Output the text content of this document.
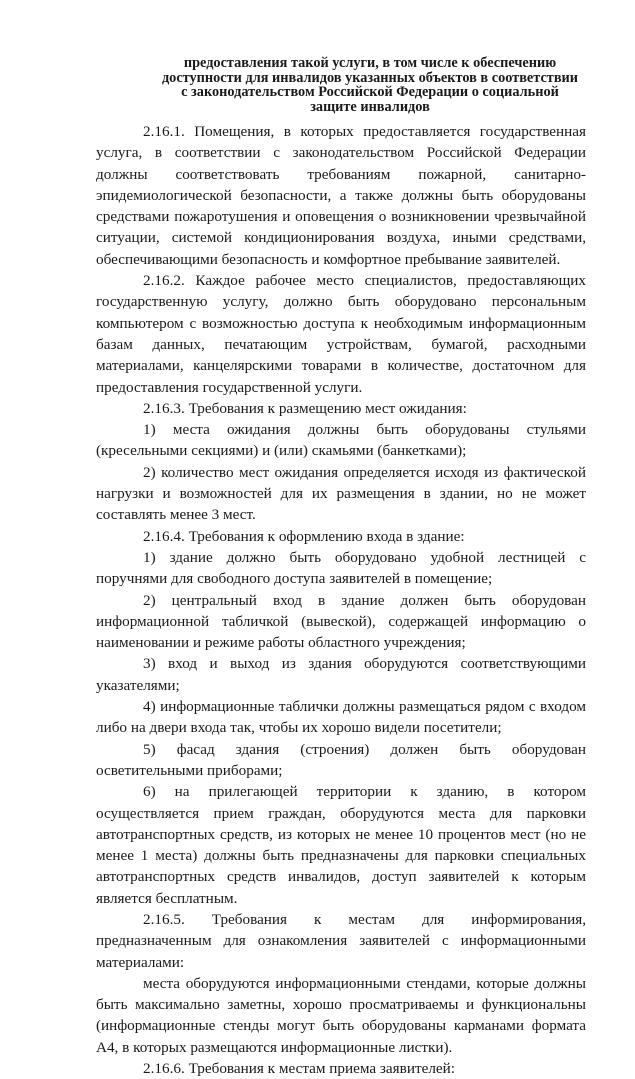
предоставления такой услуги, в том числе к обеспечению
доступности для инвалидов указанных объектов в соответствии
с законодательством Российской Федерации о социальной
защите инвалидов

2.16.1. Помещения, в которых предоставляется государственная услуга, в соответствии с законодательством Российской Федерации должны соответствовать требованиям пожарной, санитарно-эпидемиологической безопасности, а также должны быть оборудованы средствами пожаротушения и оповещения о возникновении чрезвычайной ситуации, системой кондиционирования воздуха, иными средствами, обеспечивающими безопасность и комфортное пребывание заявителей.

2.16.2. Каждое рабочее место специалистов, предоставляющих государственную услугу, должно быть оборудовано персональным компьютером с возможностью доступа к необходимым информационным базам данных, печатающим устройствам, бумагой, расходными материалами, канцелярскими товарами в количестве, достаточном для предоставления государственной услуги.

2.16.3. Требования к размещению мест ожидания:

1) места ожидания должны быть оборудованы стульями (кресельными секциями) и (или) скамьями (банкетками);

2) количество мест ожидания определяется исходя из фактической нагрузки и возможностей для их размещения в здании, но не может составлять менее 3 мест.

2.16.4. Требования к оформлению входа в здание:

1) здание должно быть оборудовано удобной лестницей с поручнями для свободного доступа заявителей в помещение;

2) центральный вход в здание должен быть оборудован информационной табличкой (вывеской), содержащей информацию о наименовании и режиме работы областного учреждения;

3) вход и выход из здания оборудуются соответствующими указателями;

4) информационные таблички должны размещаться рядом с входом либо на двери входа так, чтобы их хорошо видели посетители;

5) фасад здания (строения) должен быть оборудован осветительными приборами;

6) на прилегающей территории к зданию, в котором осуществляется прием граждан, оборудуются места для парковки автотранспортных средств, из которых не менее 10 процентов мест (но не менее 1 места) должны быть предназначены для парковки специальных автотранспортных средств инвалидов, доступ заявителей к которым является бесплатным.

2.16.5. Требования к местам для информирования, предназначенным для ознакомления заявителей с информационными материалами:

места оборудуются информационными стендами, которые должны быть максимально заметны, хорошо просматриваемы и функциональны (информационные стенды могут быть оборудованы карманами формата А4, в которых размещаются информационные листки).

2.16.6. Требования к местам приема заявителей:
